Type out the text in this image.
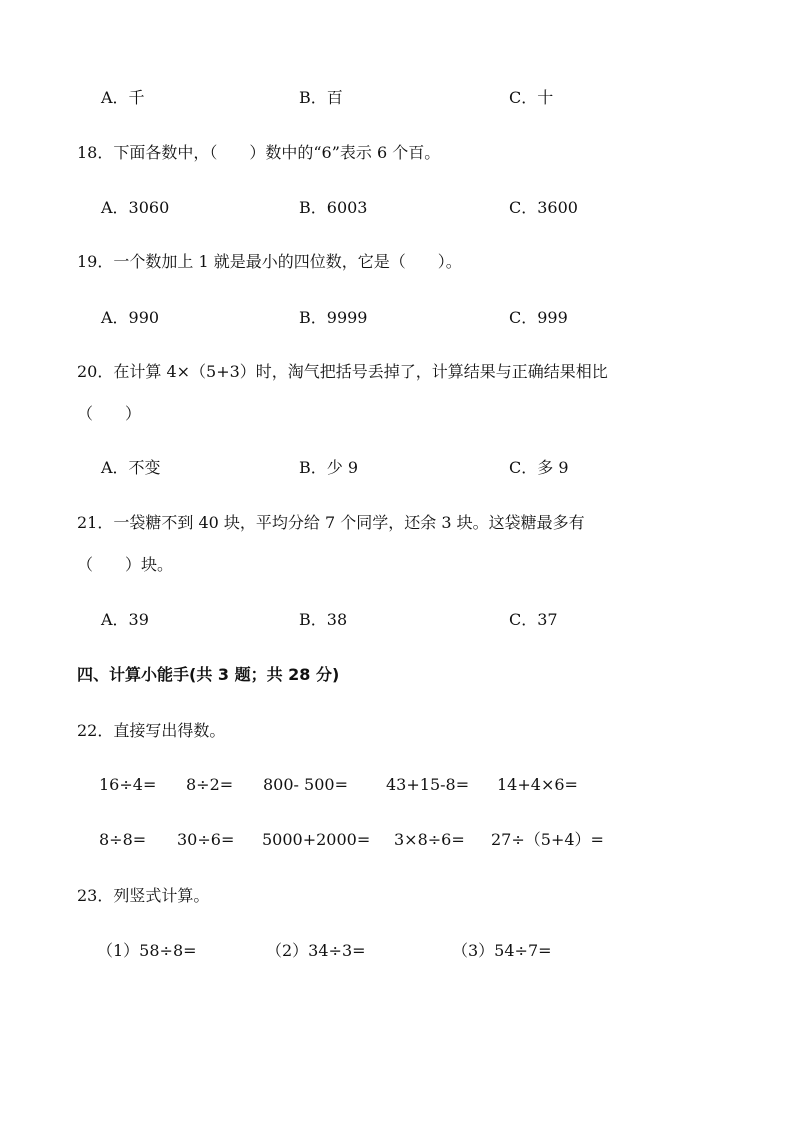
A．千	B．百	C．十
18．下面各数中，（　　）数中的“6”表示 6 个百。
A．3060	B．6003	C．3600
19．一个数加上 1 就是最小的四位数，它是（　　）。
A．990	B．9999	C．999
20．在计算 4×（5+3）时，淘气把括号丢掉了，计算结果与正确结果相比
（　　）
A．不变	B．少 9	C．多 9
21．一袋糖不到 40 块，平均分给 7 个同学，还余 3 块。这袋糖最多有
（　　）块。
A．39	B．38	C．37
四、计算小能手(共 3 题；共 28 分)
22．直接写出得数。
16÷4= 8÷2= 800- 500= 43+15-8= 14+4×6=
8÷8= 30÷6= 5000+2000= 3×8÷6= 27÷（5+4）=
23．列竖式计算。
（1）58÷8=	（2）34÷3=	（3）54÷7=
